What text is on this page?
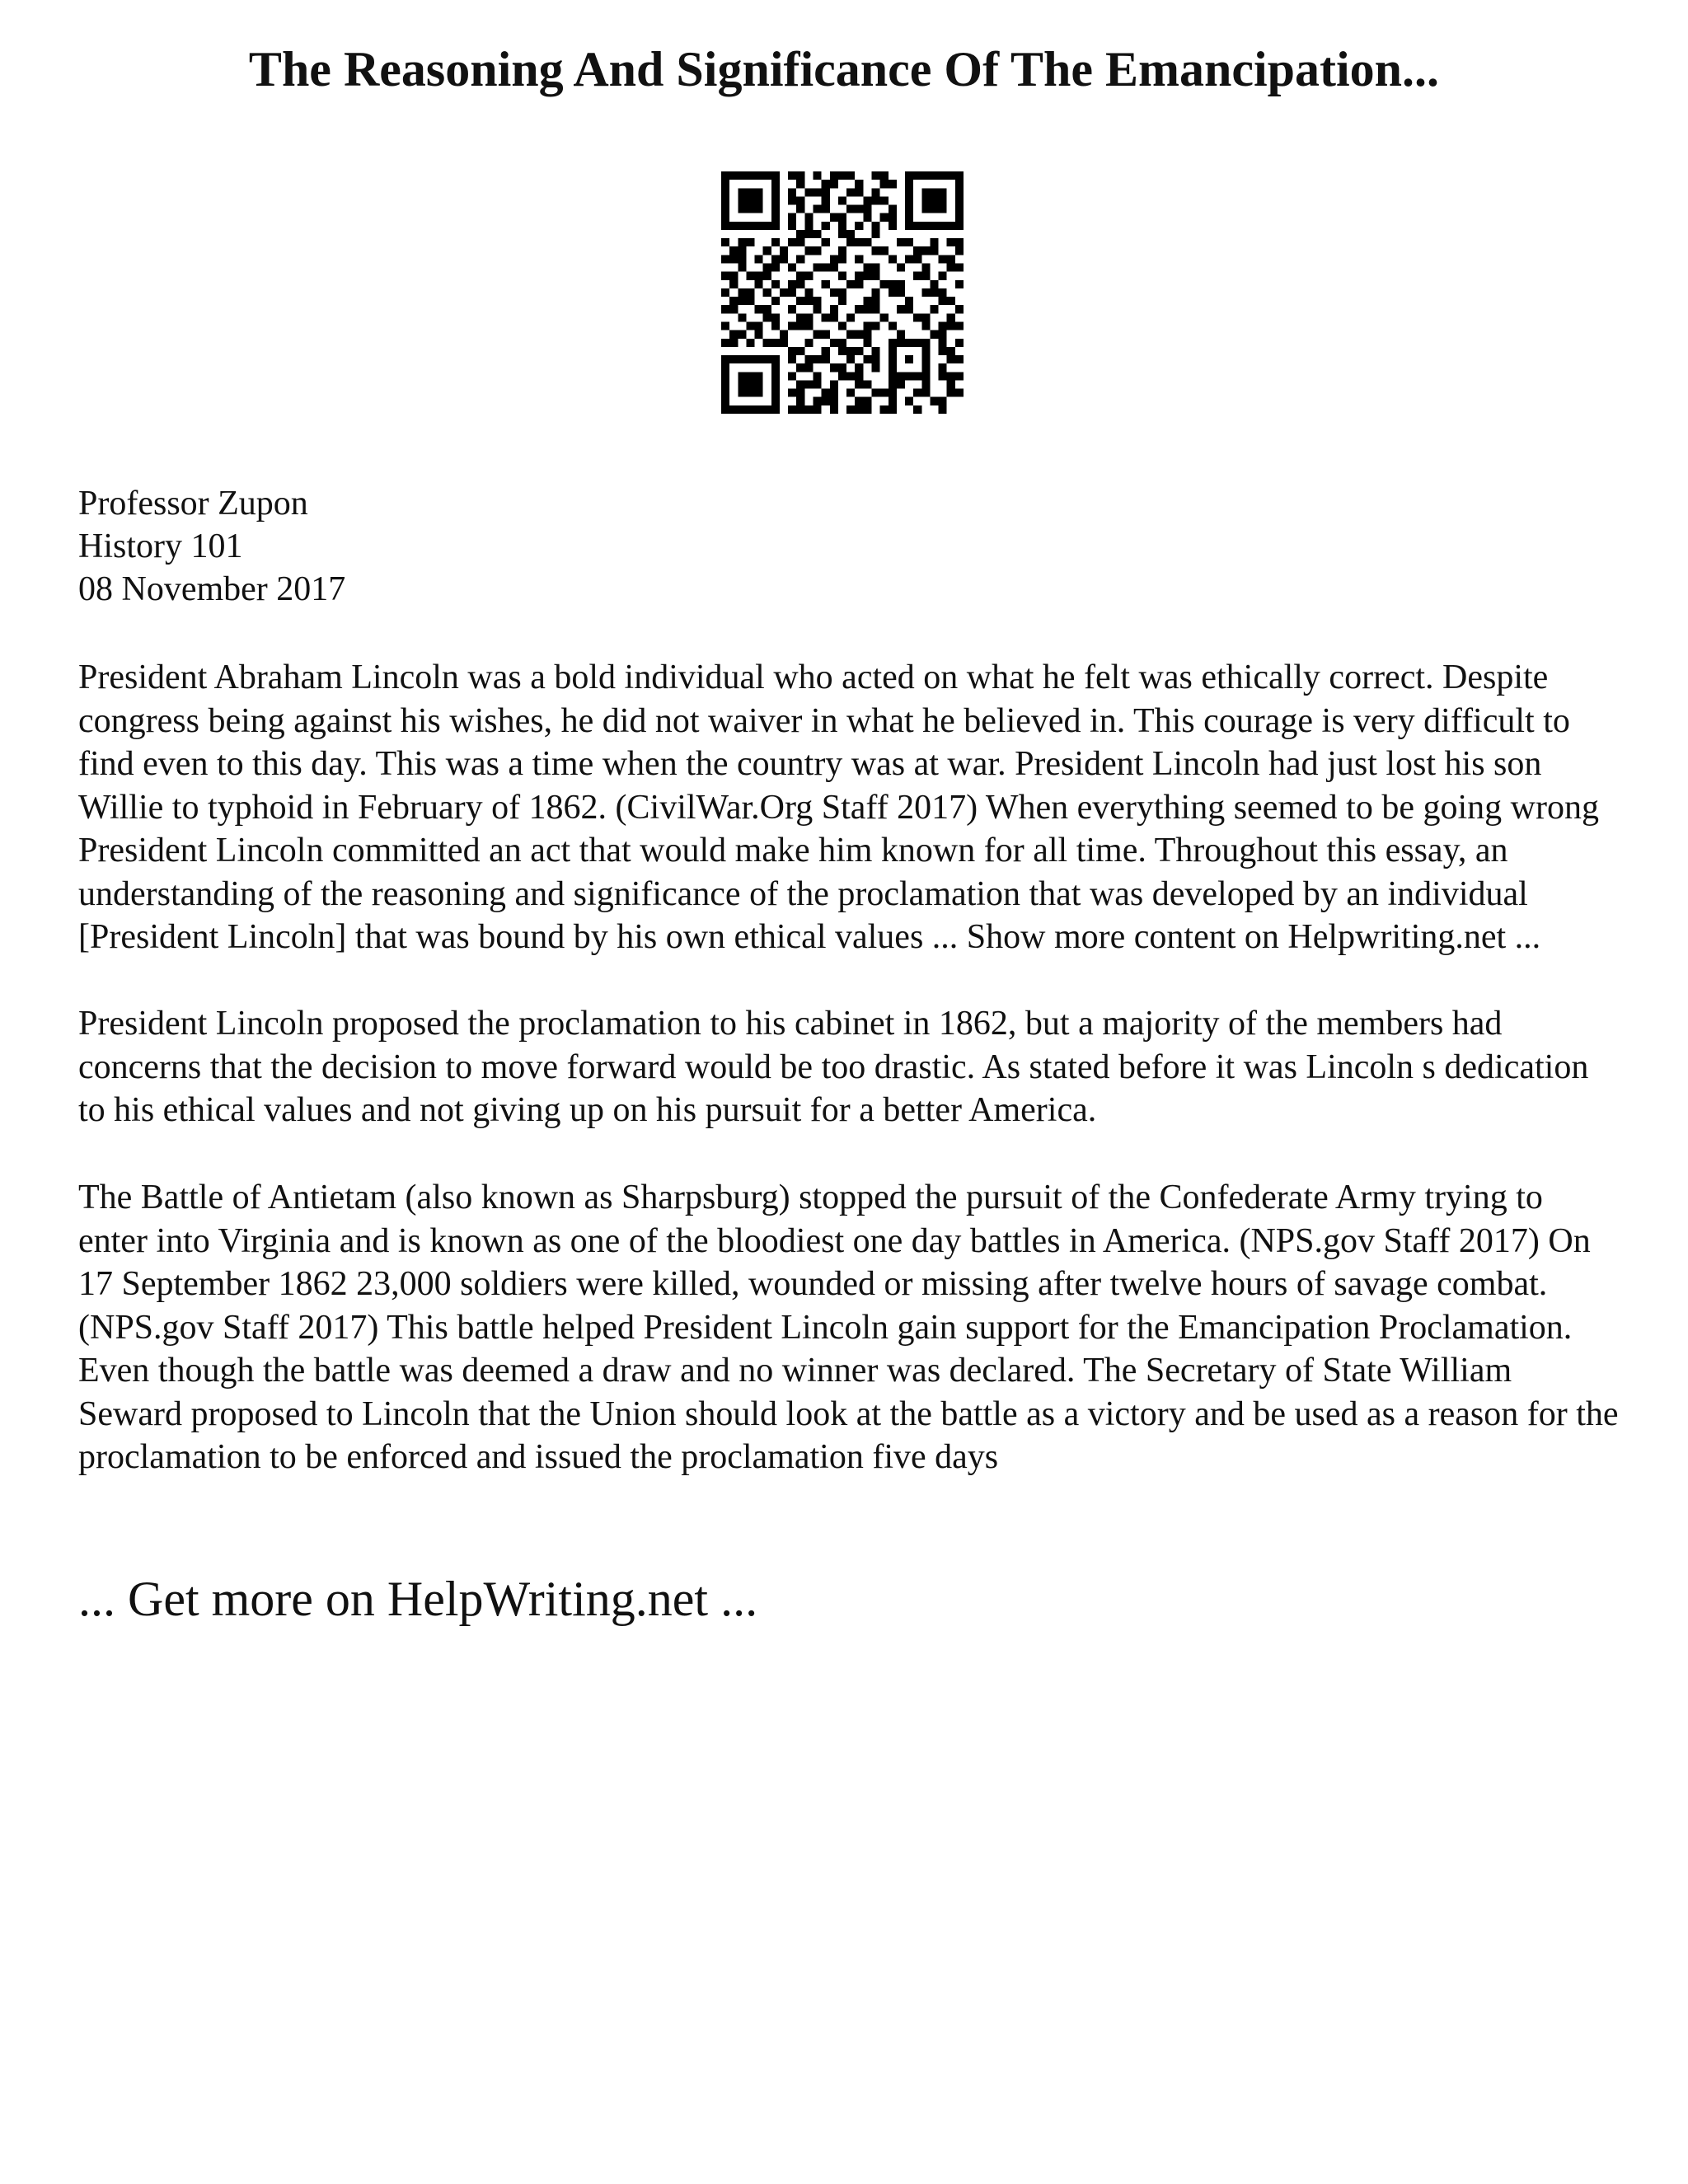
The Reasoning And Significance Of The Emancipation...
Professor Zupon
History 101
08 November 2017

President Abraham Lincoln was a bold individual who acted on what he felt was ethically correct. Despite congress being against his wishes, he did not waiver in what he believed in. This courage is very difficult to find even to this day. This was a time when the country was at war. President Lincoln had just lost his son Willie to typhoid in February of 1862. (CivilWar.Org Staff 2017) When everything seemed to be going wrong President Lincoln committed an act that would make him known for all time. Throughout this essay, an understanding of the reasoning and significance of the proclamation that was developed by an individual [President Lincoln] that was bound by his own ethical values ... Show more content on Helpwriting.net ...

President Lincoln proposed the proclamation to his cabinet in 1862, but a majority of the members had concerns that the decision to move forward would be too drastic. As stated before it was Lincoln s dedication to his ethical values and not giving up on his pursuit for a better America.

The Battle of Antietam (also known as Sharpsburg) stopped the pursuit of the Confederate Army trying to enter into Virginia and is known as one of the bloodiest one day battles in America. (NPS.gov Staff 2017) On 17 September 1862 23,000 soldiers were killed, wounded or missing after twelve hours of savage combat. (NPS.gov Staff 2017) This battle helped President Lincoln gain support for the Emancipation Proclamation. Even though the battle was deemed a draw and no winner was declared. The Secretary of State William Seward proposed to Lincoln that the Union should look at the battle as a victory and be used as a reason for the proclamation to be enforced and issued the proclamation five days

... Get more on HelpWriting.net ...
